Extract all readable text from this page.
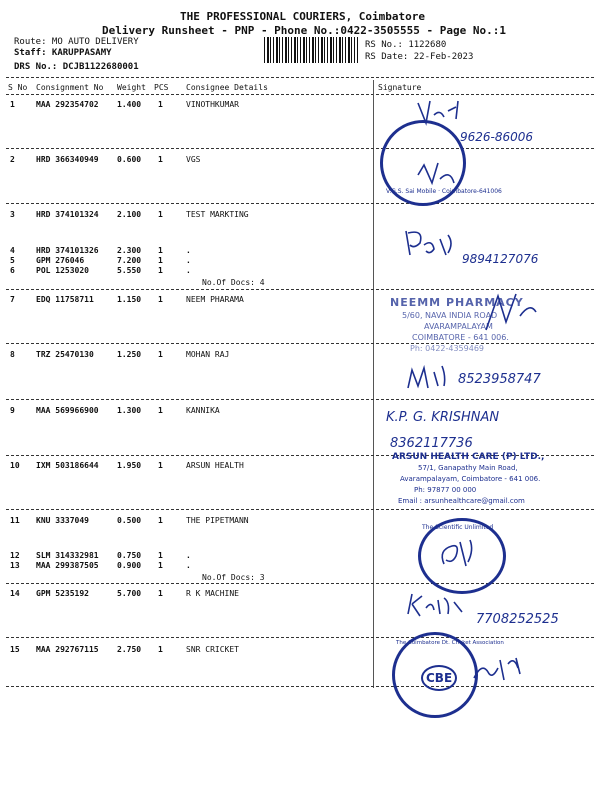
THE PROFESSIONAL COURIERS, Coimbatore
Delivery Runsheet - PNP - Phone No.:0422-3505555 - Page No.:1
Route: MO AUTO DELIVERY
Staff: KARUPPASAMY
DRS No.: DCJB1122680001
RS No.: 1122680
RS Date: 22-Feb-2023
S No Consignment No Weight PCS Consignee Details	Signature
1	MAA 292354702 1.400 1	VINOTHKUMAR
2	HRD 366340949 0.600 1	VGS
3	HRD 374101324 2.100 1	TEST MARKTING
4	HRD 374101326 2.300 1	.
5	GPM 276046	7.200 1	.
6	POL 1253020	5.550 1	.
No.Of Docs: 4
7	EDQ 11758711	1.150 1	NEEM PHARAMA
8	TRZ 25470130	1.250 1	MOHAN RAJ
9	MAA 569966900 1.300 1	KANNIKA
10 IXM 503186644 1.950 1	ARSUN HEALTH
11 KNU 3337049	0.500 1	THE PIPETMANN
12 SLM 314332981 0.750 1	.
13 MAA 299387505 0.900 1	.
No.Of Docs: 3
14 GPM 5235192	5.700 1	R K MACHINE
15 MAA 292767115 2.750 1	SNR CRICKET
V.G.S. Sai Mobile · Coimbatore-641006
9626-86006
9894127076
NEEMM PHARMACY
5/60, NAVA INDIA ROAD
AVARAMPALAYAM
COIMBATORE - 641 006.
Ph: 0422-4359469
8523958747
K.P. G. KRISHNAN
8362117736
ARSUN HEALTH CARE (P) LTD.,
57/1, Ganapathy Main Road,
Avarampalayam, Coimbatore - 641 006.
Ph: 97877 00 000
Email : arsunhealthcare@gmail.com
The Scientific Unlimited
7708252525
The Coimbatore Dt. Cricket Association
CBE
